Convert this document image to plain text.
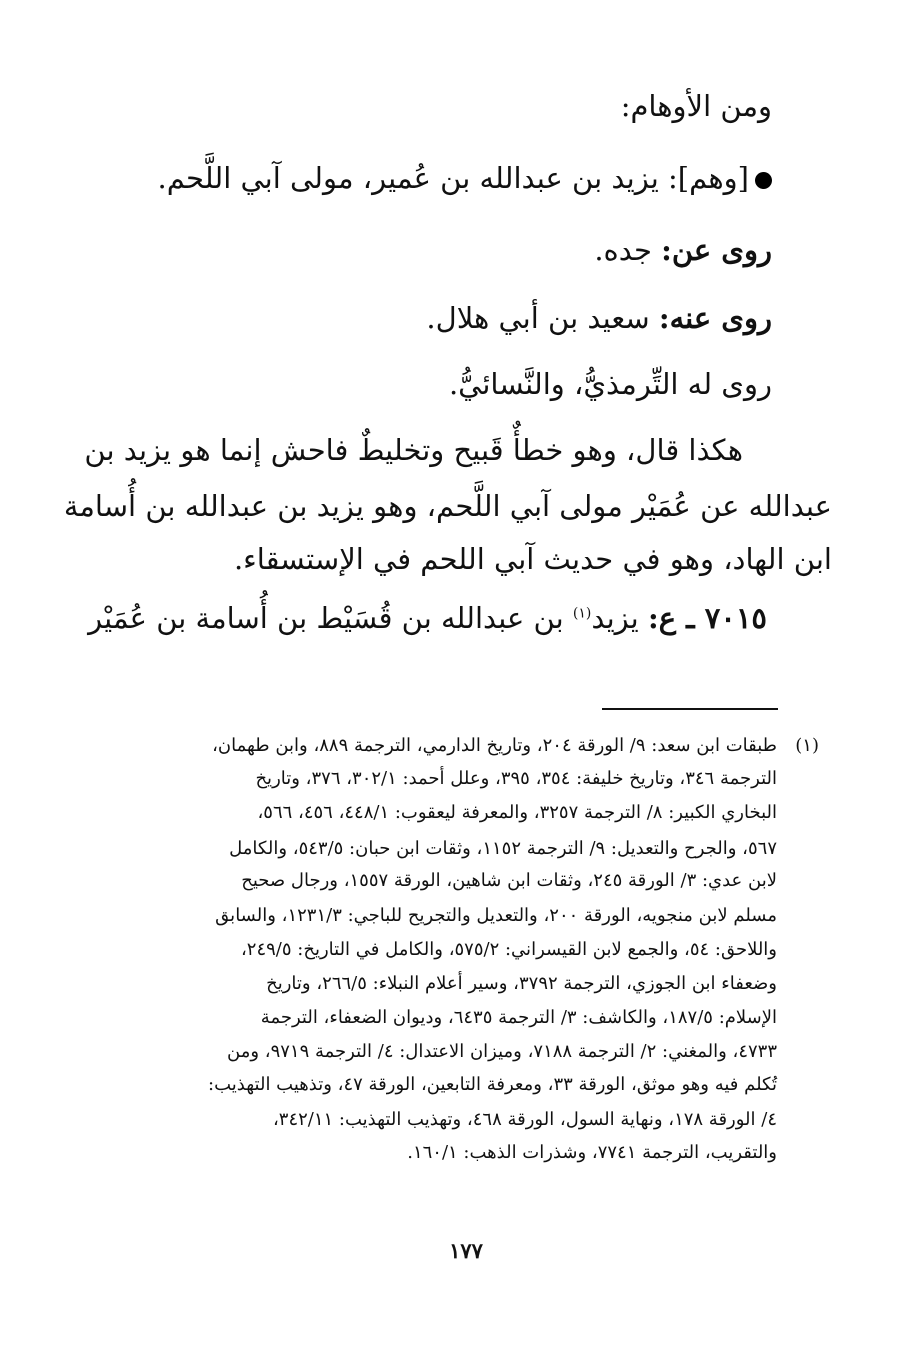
ومن الأوهام:

[وهم]: يزيد بن عبدالله بن عُمير، مولى آبي اللَّحم.

روى عن: جده.

روى عنه: سعيد بن أبي هلال.

روى له التِّرمذيُّ، والنَّسائيُّ.

هكذا قال، وهو خطأٌ قَبيح وتخليطٌ فاحش إنما هو يزيد بن

عبدالله عن عُمَيْر مولى آبي اللَّحم، وهو يزيد بن عبدالله بن أُسامة

ابن الهاد، وهو في حديث آبي اللحم في الإستسقاء.

٧٠١٥ ـ ع: يزيد$^{(١)}$ بن عبدالله بن قُسَيْط بن أُسامة بن عُمَيْر

(١)

طبقات ابن سعد: ٩/ الورقة ٢٠٤، وتاريخ الدارمي، الترجمة ٨٨٩، وابن طهمان،

الترجمة ٣٤٦، وتاريخ خليفة: ٣٥٤، ٣٩٥، وعلل أحمد: ٣٠٢/١، ٣٧٦، وتاريخ

البخاري الكبير: ٨/ الترجمة ٣٢٥٧، والمعرفة ليعقوب: ٤٤٨/١، ٤٥٦، ٥٦٦،

٥٦٧، والجرح والتعديل: ٩/ الترجمة ١١٥٢، وثقات ابن حبان: ٥٤٣/٥، والكامل

لابن عدي: ٣/ الورقة ٢٤٥، وثقات ابن شاهين، الورقة ١٥٥٧، ورجال صحيح

مسلم لابن منجويه، الورقة ٢٠٠، والتعديل والتجريح للباجي: ١٢٣١/٣، والسابق

واللاحق: ٥٤، والجمع لابن القيسراني: ٥٧٥/٢، والكامل في التاريخ: ٢٤٩/٥،

وضعفاء ابن الجوزي، الترجمة ٣٧٩٢، وسير أعلام النبلاء: ٢٦٦/٥، وتاريخ

الإسلام: ١٨٧/٥، والكاشف: ٣/ الترجمة ٦٤٣٥، وديوان الضعفاء، الترجمة

٤٧٣٣، والمغني: ٢/ الترجمة ٧١٨٨، وميزان الاعتدال: ٤/ الترجمة ٩٧١٩، ومن

تُكلم فيه وهو موثق، الورقة ٣٣، ومعرفة التابعين، الورقة ٤٧، وتذهيب التهذيب:

٤/ الورقة ١٧٨، ونهاية السول، الورقة ٤٦٨، وتهذيب التهذيب: ٣٤٢/١١،

والتقريب، الترجمة ٧٧٤١، وشذرات الذهب: ١٦٠/١.

١٧٧
